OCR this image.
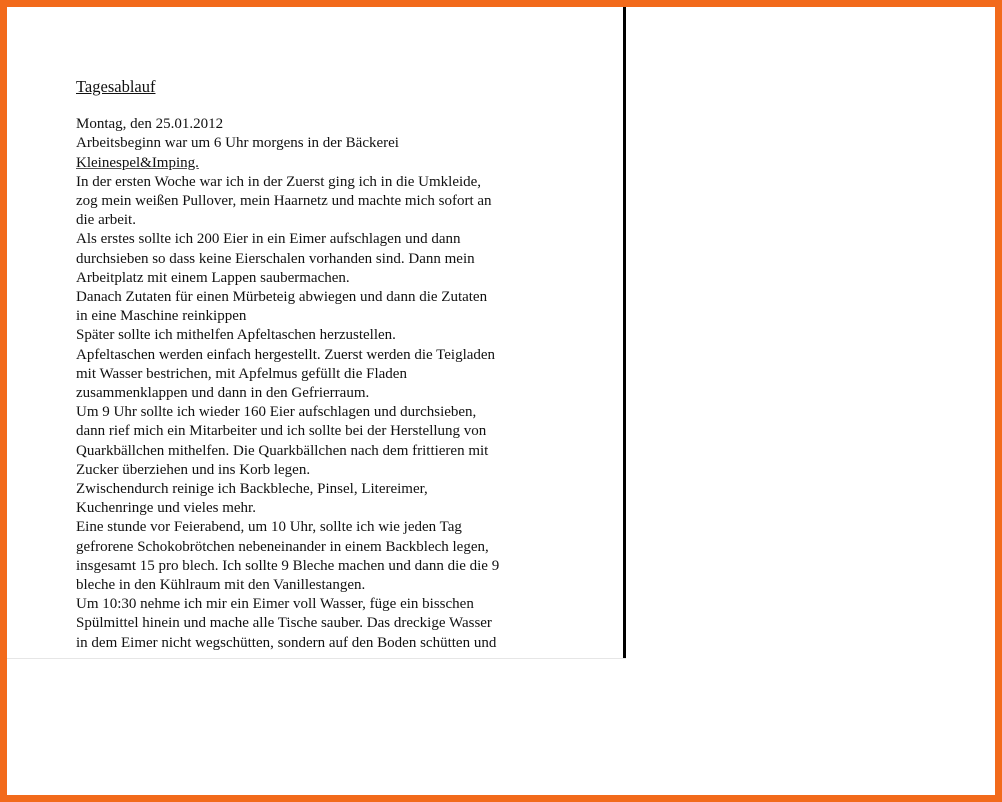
Tagesablauf
Montag, den 25.01.2012
Arbeitsbeginn war um 6 Uhr morgens in der Bäckerei
Kleinespel&Imping.
In der ersten Woche war ich in der Zuerst ging ich in die Umkleide,
zog mein weißen Pullover, mein Haarnetz und machte mich sofort an
die arbeit.
Als erstes sollte ich 200 Eier in ein Eimer aufschlagen und dann
durchsieben so dass keine Eierschalen vorhanden sind. Dann mein
Arbeitplatz mit einem Lappen saubermachen.
Danach Zutaten für einen Mürbeteig abwiegen und dann die Zutaten
in eine Maschine reinkippen
Später sollte ich mithelfen Apfeltaschen herzustellen.
Apfeltaschen werden einfach hergestellt. Zuerst werden die Teigladen
mit Wasser bestrichen, mit Apfelmus gefüllt die Fladen
zusammenklappen und dann in den Gefrierraum.
Um 9 Uhr sollte ich wieder 160 Eier aufschlagen und durchsieben,
dann rief mich ein Mitarbeiter und ich sollte bei der Herstellung von
Quarkbällchen mithelfen. Die Quarkbällchen nach dem frittieren mit
Zucker überziehen und ins Korb legen.
Zwischendurch reinige ich Backbleche, Pinsel, Litereimer,
Kuchenringe und vieles mehr.
Eine stunde vor Feierabend, um 10 Uhr, sollte ich wie jeden Tag
gefrorene Schokobrötchen nebeneinander in einem Backblech legen,
insgesamt 15 pro blech. Ich sollte 9 Bleche machen und dann die die 9
bleche in den Kühlraum mit den Vanillestangen.
Um 10:30 nehme ich mir ein Eimer voll Wasser, füge ein bisschen
Spülmittel hinein und mache alle Tische sauber. Das dreckige Wasser
in dem Eimer nicht wegschütten, sondern auf den Boden schütten und
